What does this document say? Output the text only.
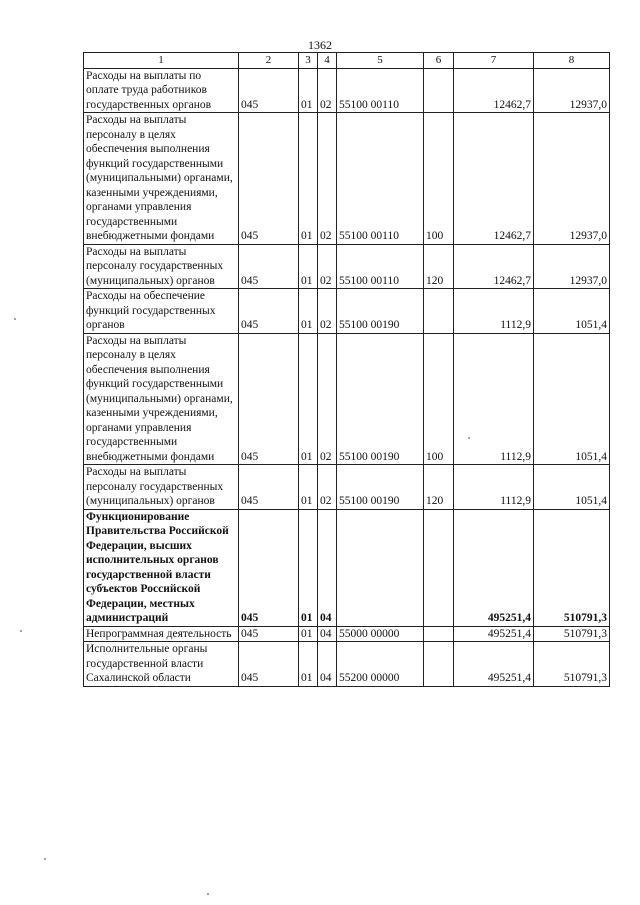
1362
1	2	3	4	5	6	7	8
Расходы на выплаты по оплате труда работников государственных органов	045	01	02	55100 00110		12462,7	12937,0
Расходы на выплаты персоналу в целях обеспечения выполнения функций государственными (муниципальными) органами, казенными учреждениями, органами управления государственными внебюджетными фондами	045	01	02	55100 00110	100	12462,7	12937,0
Расходы на выплаты персоналу государственных (муниципальных) органов	045	01	02	55100 00110	120	12462,7	12937,0
Расходы на обеспечение функций государственных органов	045	01	02	55100 00190		1112,9	1051,4
Расходы на выплаты персоналу в целях обеспечения выполнения функций государственными (муниципальными) органами, казенными учреждениями, органами управления государственными внебюджетными фондами	045	01	02	55100 00190	100	1112,9	1051,4
Расходы на выплаты персоналу государственных (муниципальных) органов	045	01	02	55100 00190	120	1112,9	1051,4
Функционирование Правительства Российской Федерации, высших исполнительных органов государственной власти субъектов Российской Федерации, местных администраций	045	01	04			495251,4	510791,3
Непрограммная деятельность	045	01	04	55000 00000		495251,4	510791,3
Исполнительные органы государственной власти Сахалинской области	045	01	04	55200 00000		495251,4	510791,3
